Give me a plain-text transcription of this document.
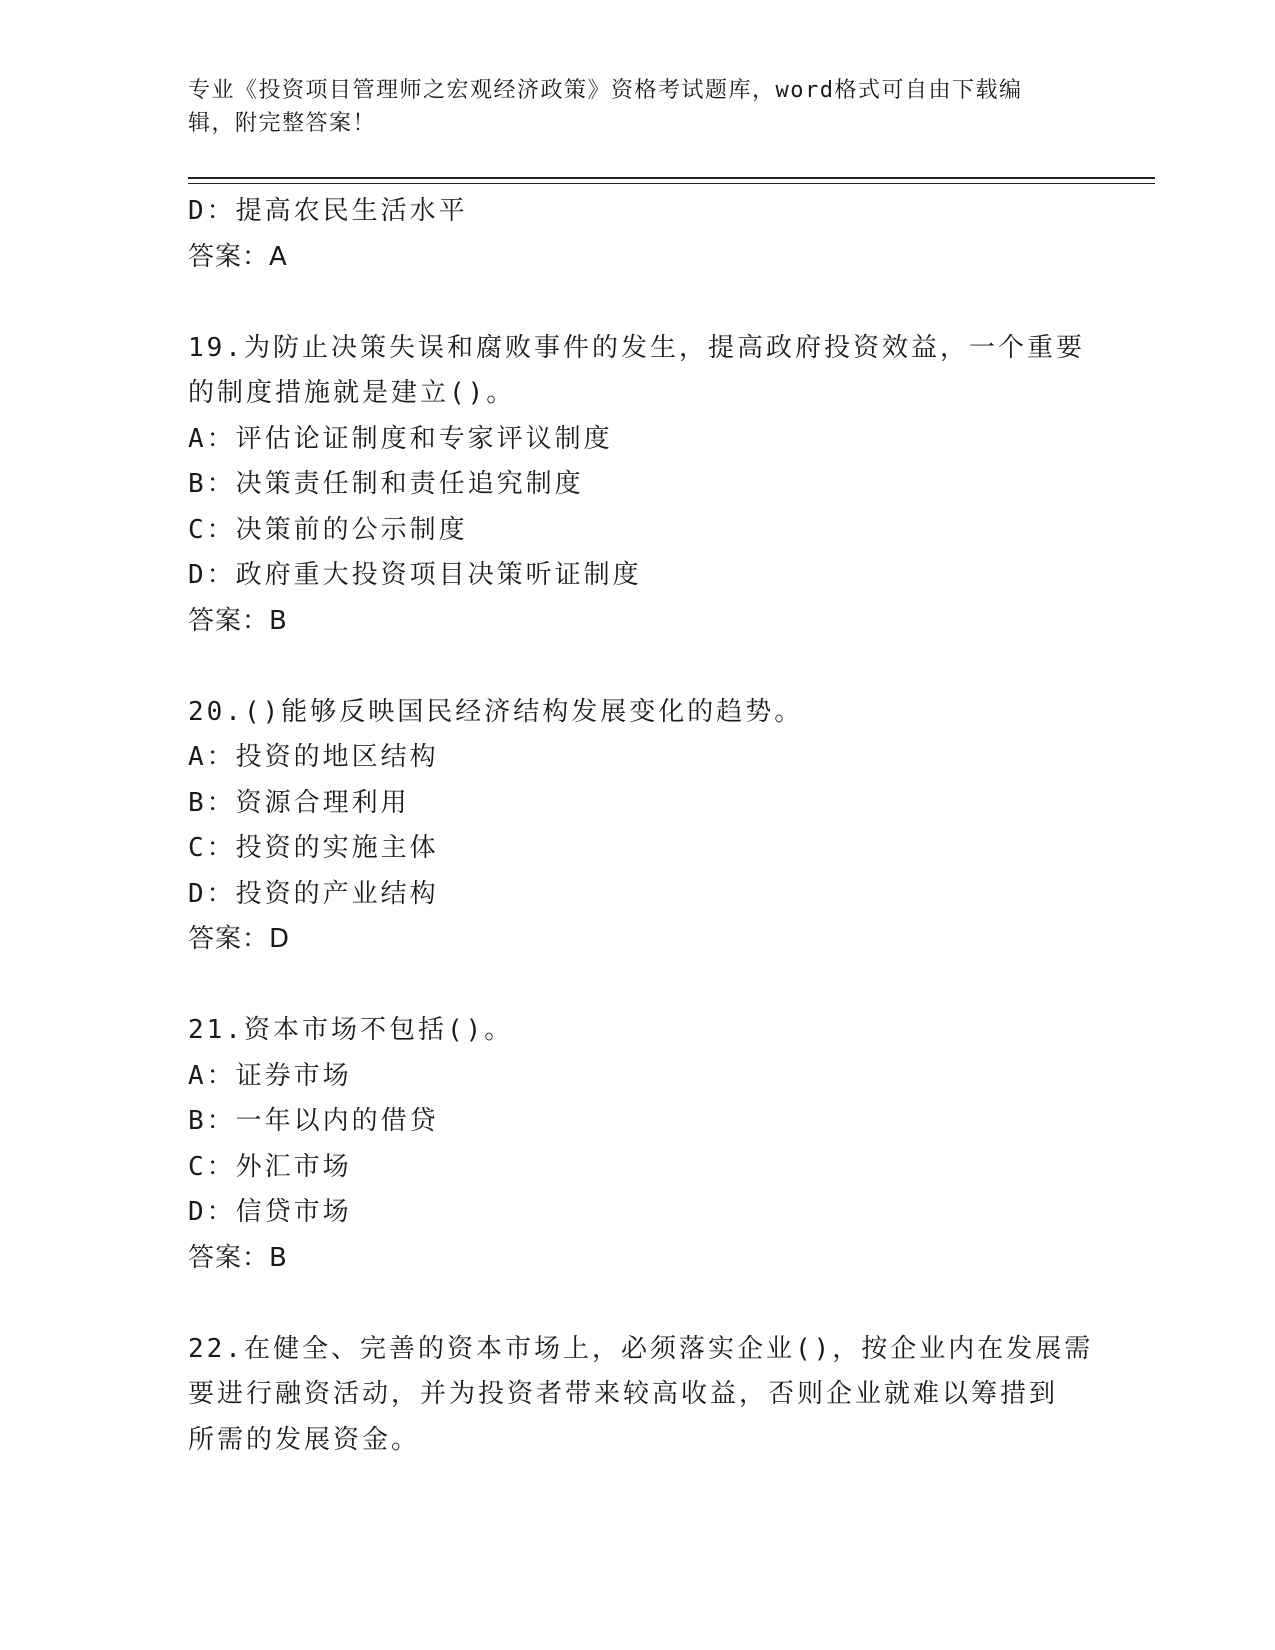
专业《投资项目管理师之宏观经济政策》资格考试题库，word格式可自由下载编
辑，附完整答案！
D：提高农民生活水平
答案：A
19.为防止决策失误和腐败事件的发生，提高政府投资效益，一个重要
的制度措施就是建立()。
A：评估论证制度和专家评议制度
B：决策责任制和责任追究制度
C：决策前的公示制度
D：政府重大投资项目决策听证制度
答案：B
20.()能够反映国民经济结构发展变化的趋势。
A：投资的地区结构
B：资源合理利用
C：投资的实施主体
D：投资的产业结构
答案：D
21.资本市场不包括()。
A：证券市场
B：一年以内的借贷
C：外汇市场
D：信贷市场
答案：B
22.在健全、完善的资本市场上，必须落实企业()，按企业内在发展需
要进行融资活动，并为投资者带来较高收益，否则企业就难以筹措到
所需的发展资金。
